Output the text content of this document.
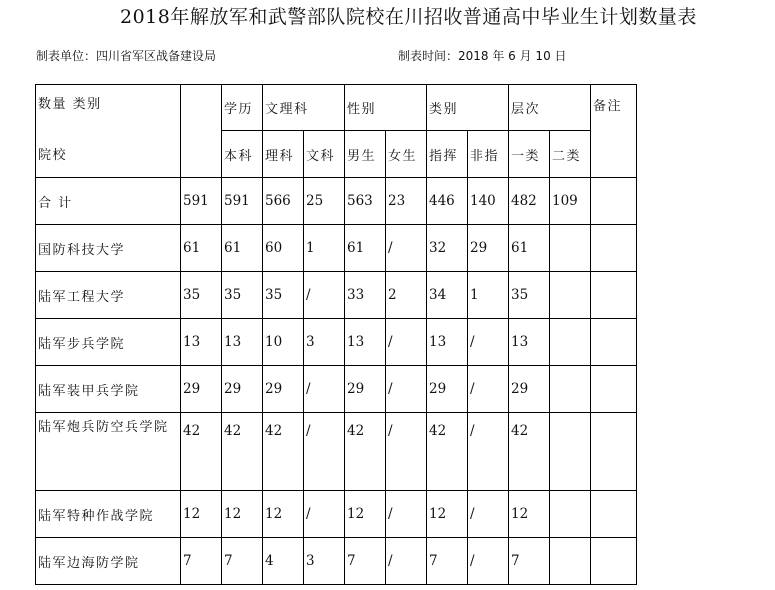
2018年解放军和武警部队院校在川招收普通高中毕业生计划数量表
制表单位：四川省军区战备建设局	制表时间：2018 年 6 月 10 日
数量 类别
院校		学历	文理科		性别		类别		层次		备注
		本科	理科	文科	男生	女生	指挥	非指	一类	二类	
合 计	591	591	566	25	563	23	446	140	482	109	
国防科技大学	61	61	60	1	61	/	32	29	61		
陆军工程大学	35	35	35	/	33	2	34	1	35		
陆军步兵学院	13	13	10	3	13	/	13	/	13		
陆军装甲兵学院	29	29	29	/	29	/	29	/	29		
陆军炮兵防空兵学院	42	42	42	/	42	/	42	/	42		
陆军特种作战学院	12	12	12	/	12	/	12	/	12		
陆军边海防学院	7	7	4	3	7	/	7	/	7		
